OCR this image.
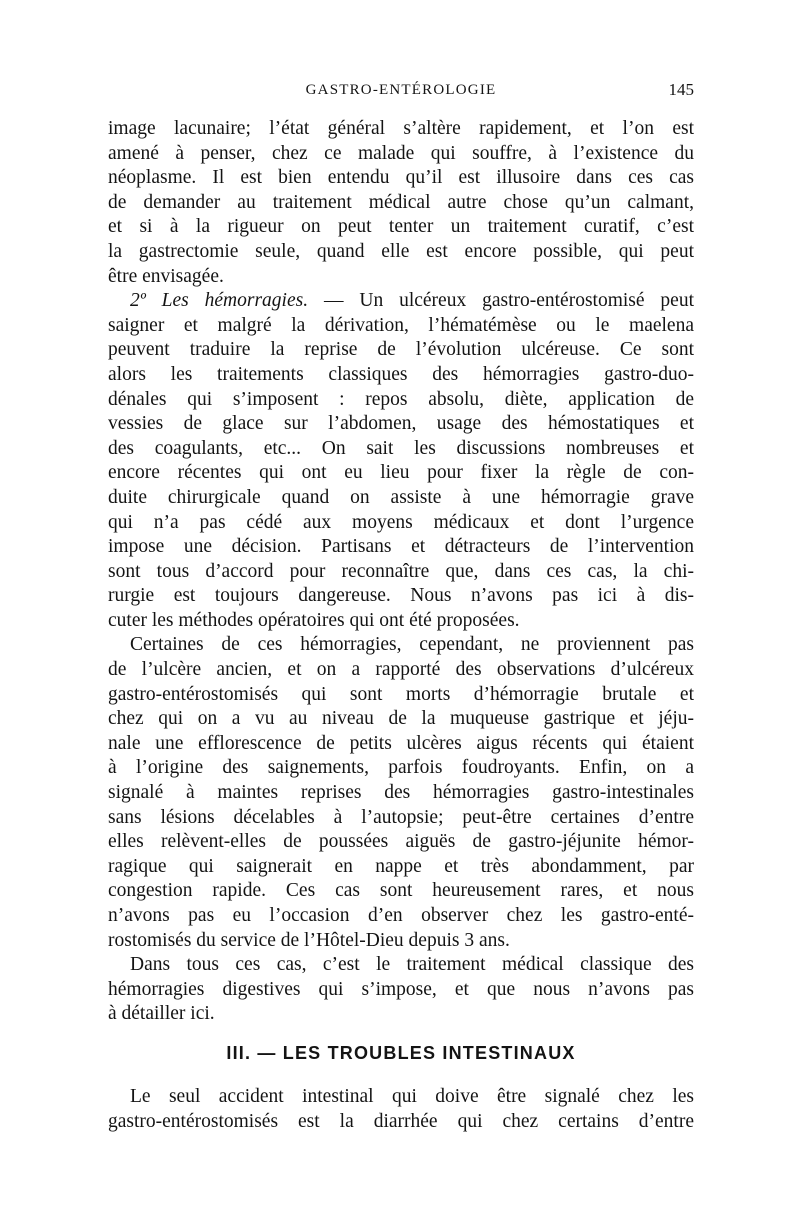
GASTRO-ENTÉROLOGIE	145

image lacunaire; l’état général s’altère rapidement, et l’on est
amené à penser, chez ce malade qui souffre, à l’existence du
néoplasme. Il est bien entendu qu’il est illusoire dans ces cas
de demander au traitement médical autre chose qu’un calmant,
et si à la rigueur on peut tenter un traitement curatif, c’est
la gastrectomie seule, quand elle est encore possible, qui peut
être envisagée.

2º Les hémorragies. — Un ulcéreux gastro-entérostomisé peut
saigner et malgré la dérivation, l’hématémèse ou le maelena
peuvent traduire la reprise de l’évolution ulcéreuse. Ce sont
alors les traitements classiques des hémorragies gastro-duo-
dénales qui s’imposent : repos absolu, diète, application de
vessies de glace sur l’abdomen, usage des hémostatiques et
des coagulants, etc... On sait les discussions nombreuses et
encore récentes qui ont eu lieu pour fixer la règle de con-
duite chirurgicale quand on assiste à une hémorragie grave
qui n’a pas cédé aux moyens médicaux et dont l’urgence
impose une décision. Partisans et détracteurs de l’intervention
sont tous d’accord pour reconnaître que, dans ces cas, la chi-
rurgie est toujours dangereuse. Nous n’avons pas ici à dis-
cuter les méthodes opératoires qui ont été proposées.

Certaines de ces hémorragies, cependant, ne proviennent pas
de l’ulcère ancien, et on a rapporté des observations d’ulcéreux
gastro-entérostomisés qui sont morts d’hémorragie brutale et
chez qui on a vu au niveau de la muqueuse gastrique et jéju-
nale une efflorescence de petits ulcères aigus récents qui étaient
à l’origine des saignements, parfois foudroyants. Enfin, on a
signalé à maintes reprises des hémorragies gastro-intestinales
sans lésions décelables à l’autopsie; peut-être certaines d’entre
elles relèvent-elles de poussées aiguës de gastro-jéjunite hémor-
ragique qui saignerait en nappe et très abondamment, par
congestion rapide. Ces cas sont heureusement rares, et nous
n’avons pas eu l’occasion d’en observer chez les gastro-enté-
rostomisés du service de l’Hôtel-Dieu depuis 3 ans.

Dans tous ces cas, c’est le traitement médical classique des
hémorragies digestives qui s’impose, et que nous n’avons pas
à détailler ici.

III. — LES TROUBLES INTESTINAUX

Le seul accident intestinal qui doive être signalé chez les
gastro-entérostomisés est la diarrhée qui chez certains d’entre
